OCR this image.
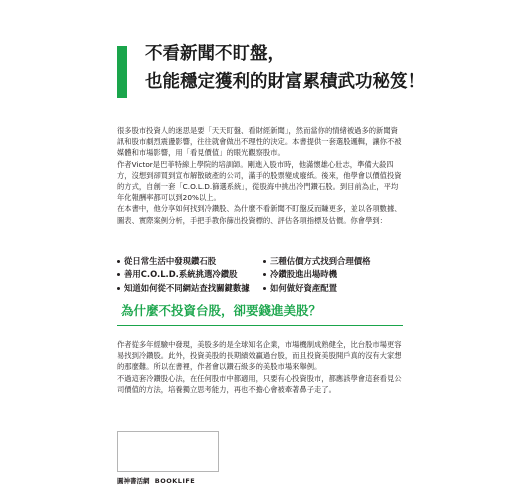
不看新聞不盯盤，
也能穩定獲利的財富累積武功秘笈！

很多股市投資人的迷思是要「天天盯盤、看財經新聞」，然而當你的情緒被過多的新聞資訊和股市劇烈震盪影響，往往就會做出不理性的決定。本書提供一套選股邏輯，讓你不被媒體和市場影響，用「看見價值」的眼光觀察股市。

作者Victor是巴菲特線上學院的培訓師。剛進入股市時，他滿懷雄心壯志，準備大殺四方，沒想到卻買到宣布解散破產的公司，滿手的股票變成廢紙。後來，他學會以價值投資的方式，自創一套「C.O.L.D.篩選系統」，從股海中挑出冷門鑽石股。到目前為止，平均年化報酬率都可以到20%以上。

在本書中，他分享如何找到冷鑽股、為什麼不看新聞不盯盤反而賺更多，並以各項數據、圖表、實際案例分析，手把手教你篩出投資標的、評估各項指標及估價。你會學到：

從日常生活中發現鑽石股
善用C.O.L.D.系統挑選冷鑽股
知道如何從不同網站查找關鍵數據
三種估價方式找到合理價格
冷鑽股進出場時機
如何做好資產配置
為什麼不投資台股，卻要錢進美股？

作者從多年經驗中發現，美股多的是全球知名企業，市場機制成熟健全，比台股市場更容易找到冷鑽股。此外，投資美股的長期績效贏過台股，而且投資美股開戶真的沒有大家想的那麼難。所以在書裡，作者會以鑽石級多的美股市場來舉例。

不過這套冷鑽股心法，在任何股市中都適用，只要有心投資股市，都應該學會這套看見公司價值的方法，培養獨立思考能力，再也不擔心會被牽著鼻子走了。

圓神書活網 BOOKLIFE
